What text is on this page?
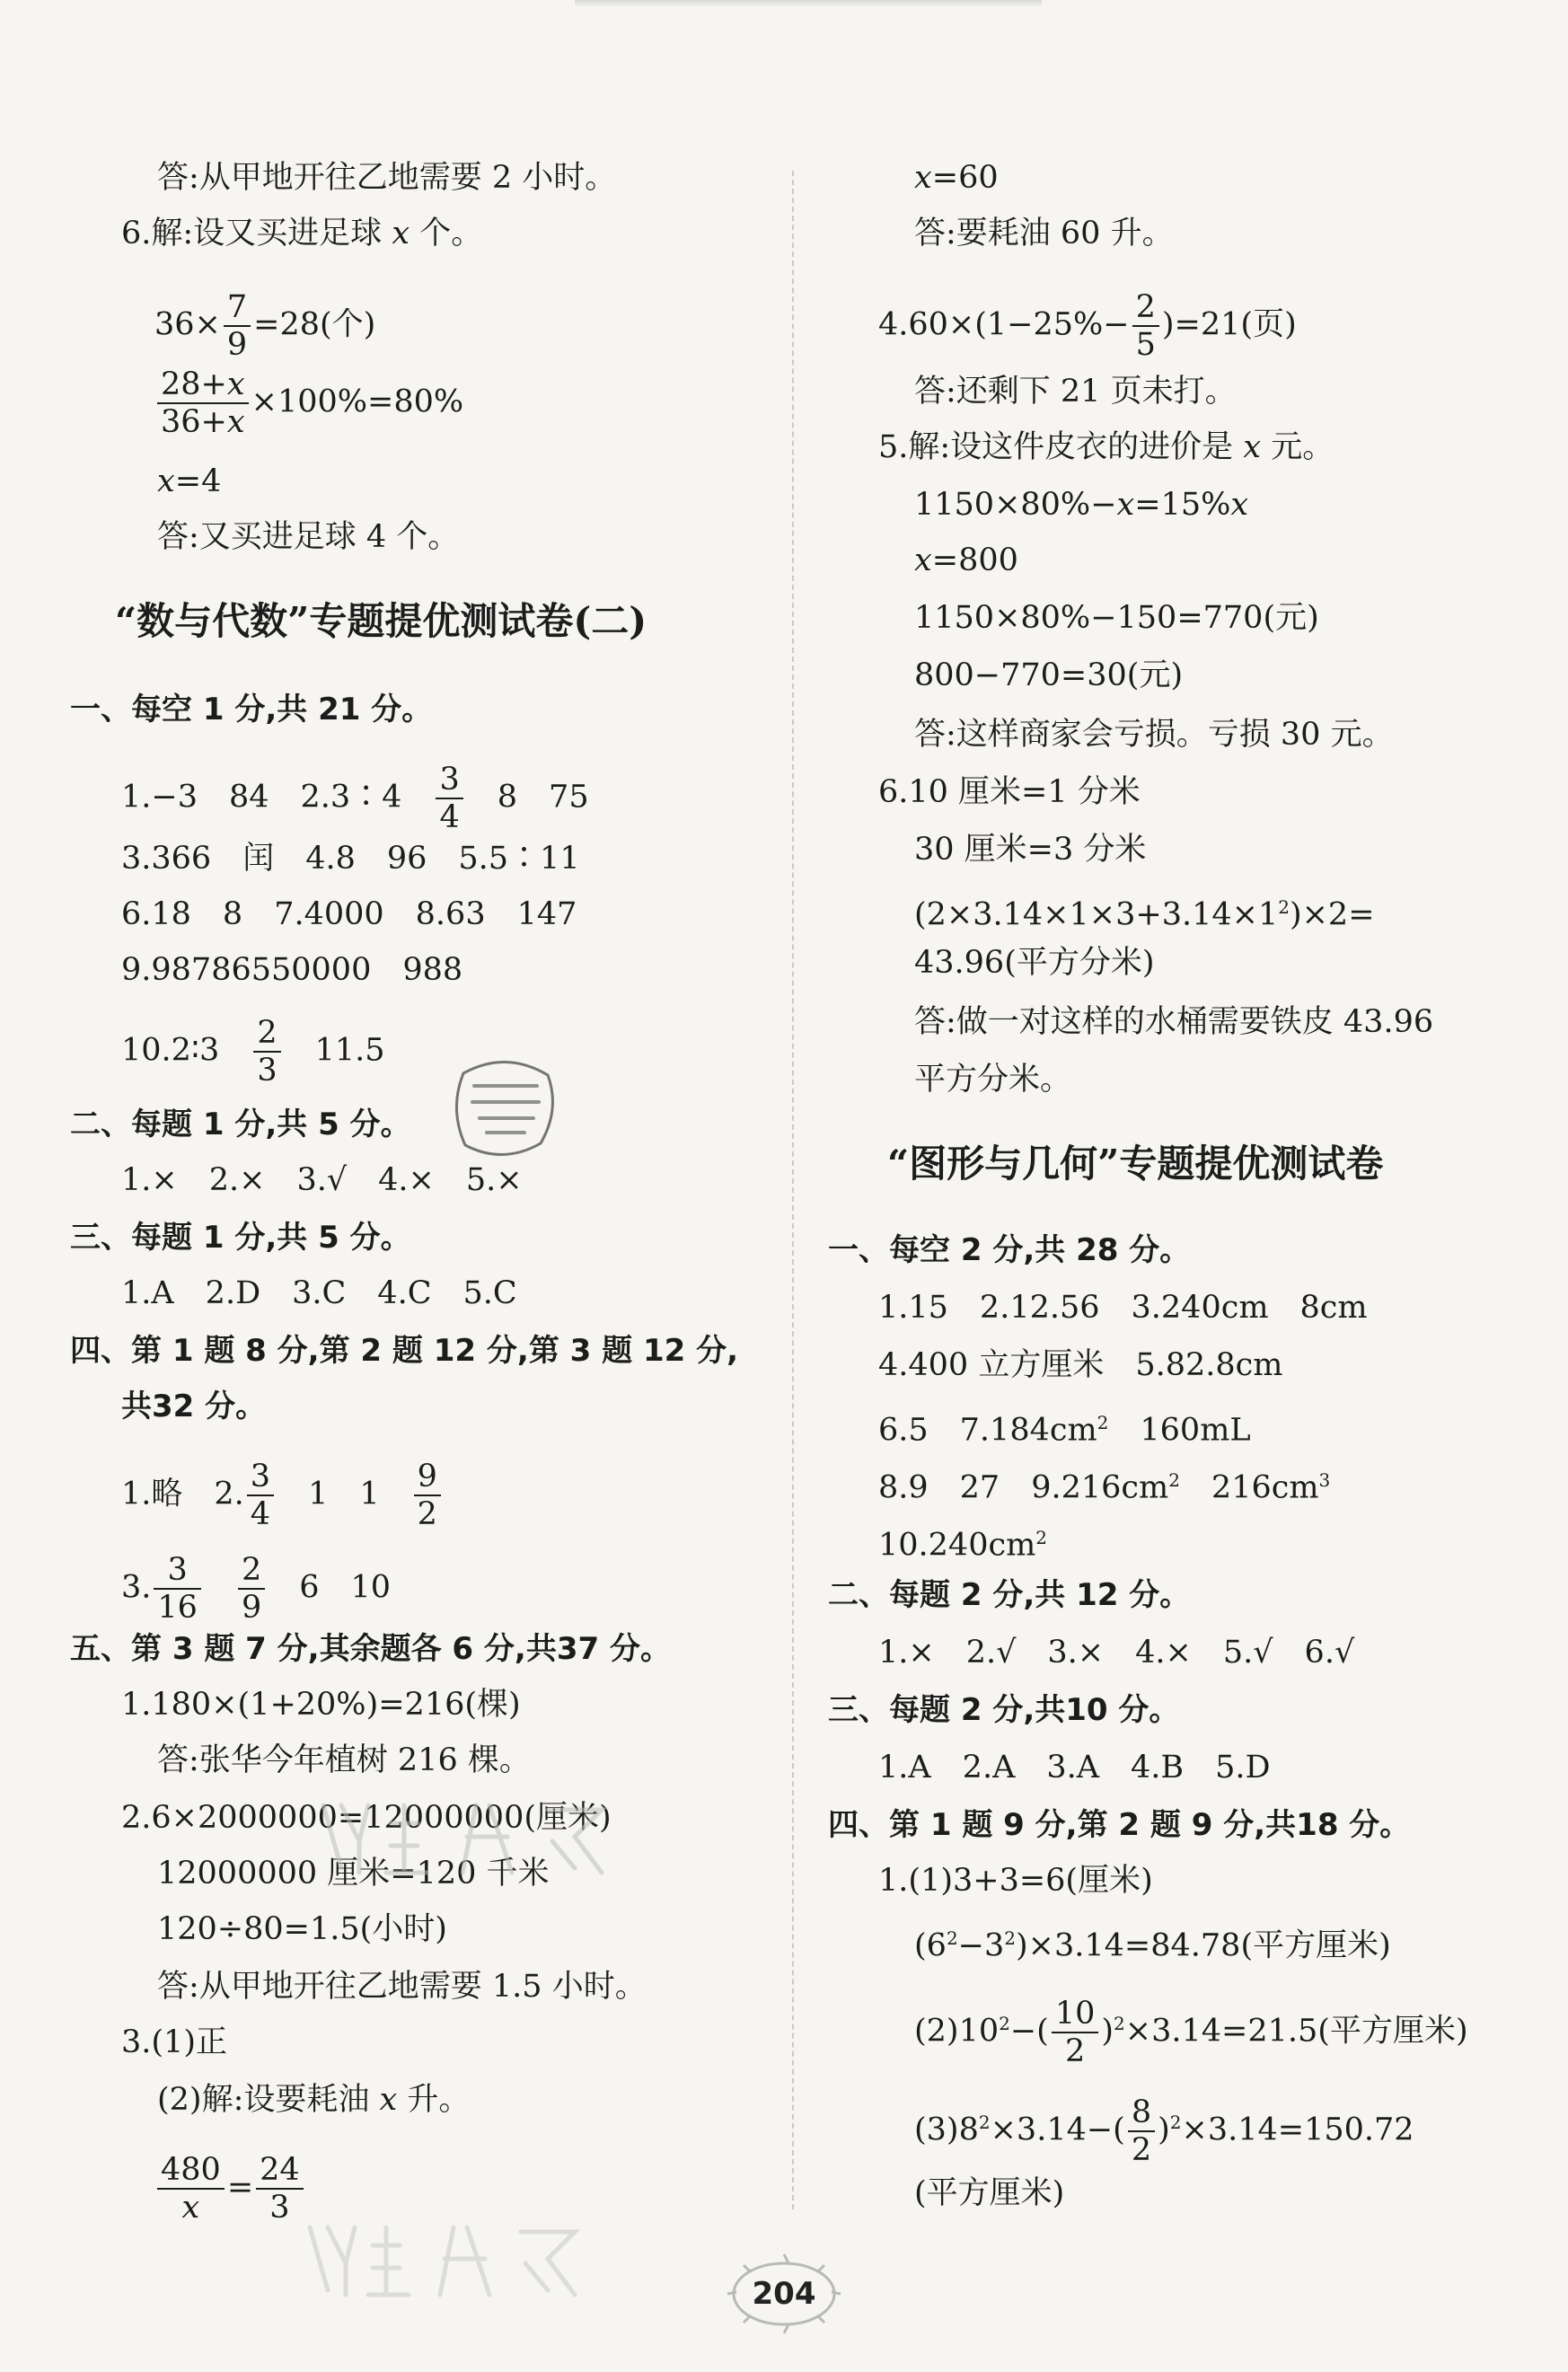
答:从甲地开往乙地需要 2 小时。
6.解:设又买进足球 x 个。
$36\times \frac{7}{9} =28$(个)
$\frac{28+x}{36+x} \times 100\%=80\%$
x=4
答:又买进足球 4 个。
“数与代数”专题提优测试卷(二)
一、每空 1 分,共 21 分。
1.−3　84　2.3∶4　 $\frac{3}{4}$
　 8　75
3.366　闰　4.8　96　5.5∶11
6.18　8　7.4000　8.63　147
9.98786550000　988
10.2∶3　 $\frac{2}{3}$
　 11.5
二、每题 1 分,共 5 分。
1.×　2.×　3.√　4.×　5.×
三、每题 1 分,共 5 分。
1.A　2.D　3.C　4.C　5.C
四、第 1 题 8 分,第 2 题 12 分,第 3 题 12 分,
共32 分。
1.略　2. $\frac{3}{4}$
　 1　1　 $\frac{9}{2}$
3. $\frac{3}{16}$
　 $\frac{2}{9}$
　 6　10
五、第 3 题 7 分,其余题各 6 分,共37 分。
1.180×(1+20%)=216(棵)
答:张华今年植树 216 棵。
2.6×2000000=12000000(厘米)
12000000 厘米=120 千米
120÷80=1.5(小时)
答:从甲地开往乙地需要 1.5 小时。
3.(1)正
(2)解:设要耗油 x 升。
$\frac{480}{x} = \frac{24}{3}$
x=60
答:要耗油 60 升。
$4.60\times(1-25\%- \frac{2}{5} )=21$(页)
答:还剩下 21 页未打。
5.解:设这件皮衣的进价是 x 元。
1150×80%−x=15%x
x=800
1150×80%−150=770(元)
800−770=30(元)
答:这样商家会亏损。亏损 30 元。
6.10 厘米=1 分米
30 厘米=3 分米
$(2\times 3.14\times 1\times 3+3.14\times 1^2)\times 2=$
43.96(平方分米)
答:做一对这样的水桶需要铁皮 43.96
平方分米。
“图形与几何”专题提优测试卷
一、每空 2 分,共 28 分。
1.15　2.12.56　3.240cm　8cm
4.400 立方厘米　5.82.8cm
6.5　$7.184cm^2$　160mL
8.9　27　$9.216cm^2$　$216cm^3$
$10.240cm^2$
二、每题 2 分,共 12 分。
1.×　2.√　3.×　4.×　5.√　6.√
三、每题 2 分,共10 分。
1.A　2.A　3.A　4.B　5.D
四、第 1 题 9 分,第 2 题 9 分,共18 分。
1.(1)3+3=6(厘米)
$(6^2-3^2)\times 3.14=84.78$(平方厘米)
$(2)10^2-( \frac{10}{2} )^2\times 3.14=21.5$(平方厘米)
$(3)8^2\times 3.14-( \frac{8}{2} )^2\times 3.14=150.72$
(平方厘米)
204
